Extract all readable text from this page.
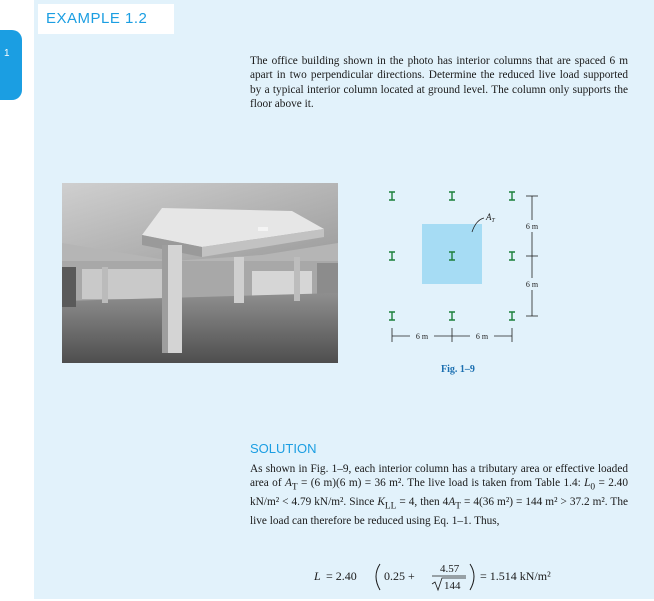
1
EXAMPLE 1.2
The office building shown in the photo has interior columns that are spaced 6 m apart in two perpendicular directions. Determine the reduced live load supported by a typical interior column located at ground level. The column only supports the floor above it.
$A_T$
6 m
6 m
6 m	6 m
Fig. 1–9
SOLUTION
As shown in Fig. 1–9, each interior column has a tributary area or effective loaded area of $A_T = (6$ m)(6 m) = 36 m². The live load is taken from Table 1.4: $L_0 = 2.40$ kN/m² < 4.79 kN/m². Since $K_{LL} = 4$, then $4A_T = 4(36$ m²) = 144 m² > 37.2 m². The live load can therefore be reduced using Eq. 1–1. Thus,
L = 2.40 0.25 + 4.57
144
= 1.514 kN/m²
